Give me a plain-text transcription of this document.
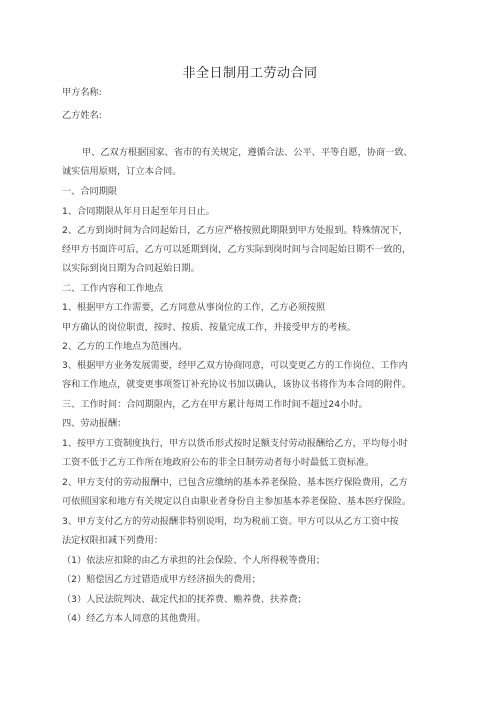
非全日制用工劳动合同
甲方名称:
乙方姓名:
甲、乙双方根据国家、省市的有关规定，遵循合法、公平、平等自愿，协商一致、
诚实信用原则，订立本合同。
一、合同期限
1、合同期限从年月日起至年月日止。
2、乙方到岗时间为合同起始日，乙方应严格按照此期限到甲方处报到。特殊情况下，
经甲方书面许可后，乙方可以延期到岗，乙方实际到岗时间与合同起始日期不一致的，
以实际到岗日期为合同起始日期。
二、工作内容和工作地点
1、根据甲方工作需要，乙方同意从事岗位的工作，乙方必须按照
甲方确认的岗位职责，按时、按质、按量完成工作，并接受甲方的考核。
2、乙方的工作地点为范围内。
3、根据甲方业务发展需要，经甲乙双方协商同意，可以变更乙方的工作岗位、工作内
容和工作地点，就变更事项签订补充协议书加以确认，该协议书将作为本合同的附件。
三、工作时间：合同期限内，乙方在甲方累计每周工作时间不超过24小时。
四、劳动报酬：
1、按甲方工资制度执行，甲方以货币形式按时足额支付劳动报酬给乙方，平均每小时
工资不低于乙方工作所在地政府公布的非全日制劳动者每小时最低工资标准。
2、甲方支付的劳动报酬中，已包含应缴纳的基本养老保险、基本医疗保险费用，乙方
可依照国家和地方有关规定以自由职业者身份自主参加基本养老保险、基本医疗保险。
3、甲方支付乙方的劳动报酬非特别说明，均为税前工资。甲方可以从乙方工资中按
法定权限扣减下列费用：
（1）依法应扣除的由乙方承担的社会保险、个人所得税等费用；
（2）赔偿因乙方过错造成甲方经济损失的费用；
（3）人民法院判决、裁定代扣的抚养费、赡养费、扶养费；
（4）经乙方本人同意的其他费用。
